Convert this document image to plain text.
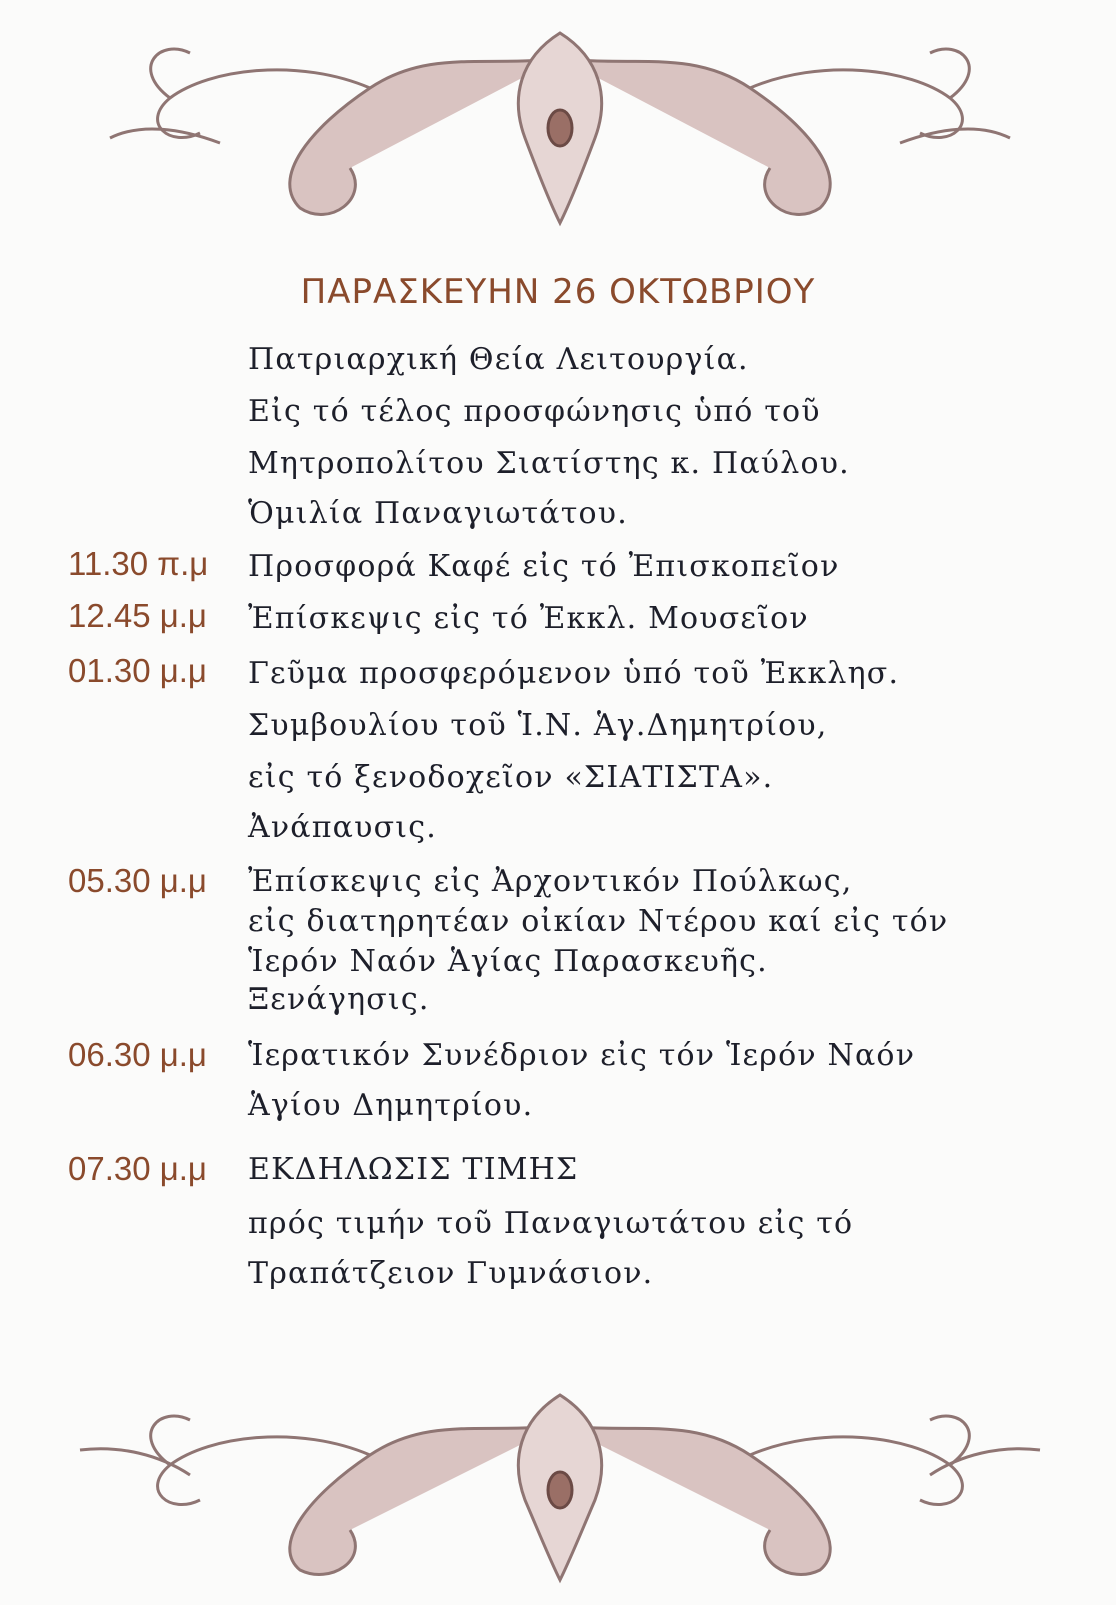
ΠΑΡΑΣΚΕΥΗΝ 26 ΟΚΤΩΒΡΙΟΥ
Πατριαρχική Θεία Λειτουργία.
Εἰς τό τέλος προσφώνησις ὑπό τοῦ
Μητροπολίτου Σιατίστης κ. Παύλου.
Ὁμιλία Παναγιωτάτου.
11.30 π.μ	Προσφορά Καφέ εἰς τό Ἐπισκοπεῖον
12.45 μ.μ	Ἐπίσκεψις εἰς τό Ἐκκλ. Μουσεῖον
01.30 μ.μ	Γεῦμα προσφερόμενον ὑπό τοῦ Ἐκκλησ.
Συμβουλίου τοῦ Ἱ.Ν. Ἁγ.Δημητρίου,
εἰς τό ξενοδοχεῖον «ΣΙΑΤΙΣΤΑ».
Ἀνάπαυσις.
05.30 μ.μ	Ἐπίσκεψις εἰς Ἀρχοντικόν Πούλκως,
εἰς διατηρητέαν οἰκίαν Ντέρου καί εἰς τόν
Ἱερόν Ναόν Ἁγίας Παρασκευῆς.
Ξενάγησις.
06.30 μ.μ	Ἱερατικόν Συνέδριον εἰς τόν Ἱερόν Ναόν
Ἁγίου Δημητρίου.
07.30 μ.μ	ΕΚΔΗΛΩΣΙΣ ΤΙΜΗΣ
πρός τιμήν τοῦ Παναγιωτάτου εἰς τό
Τραπάτζειον Γυμνάσιον.
